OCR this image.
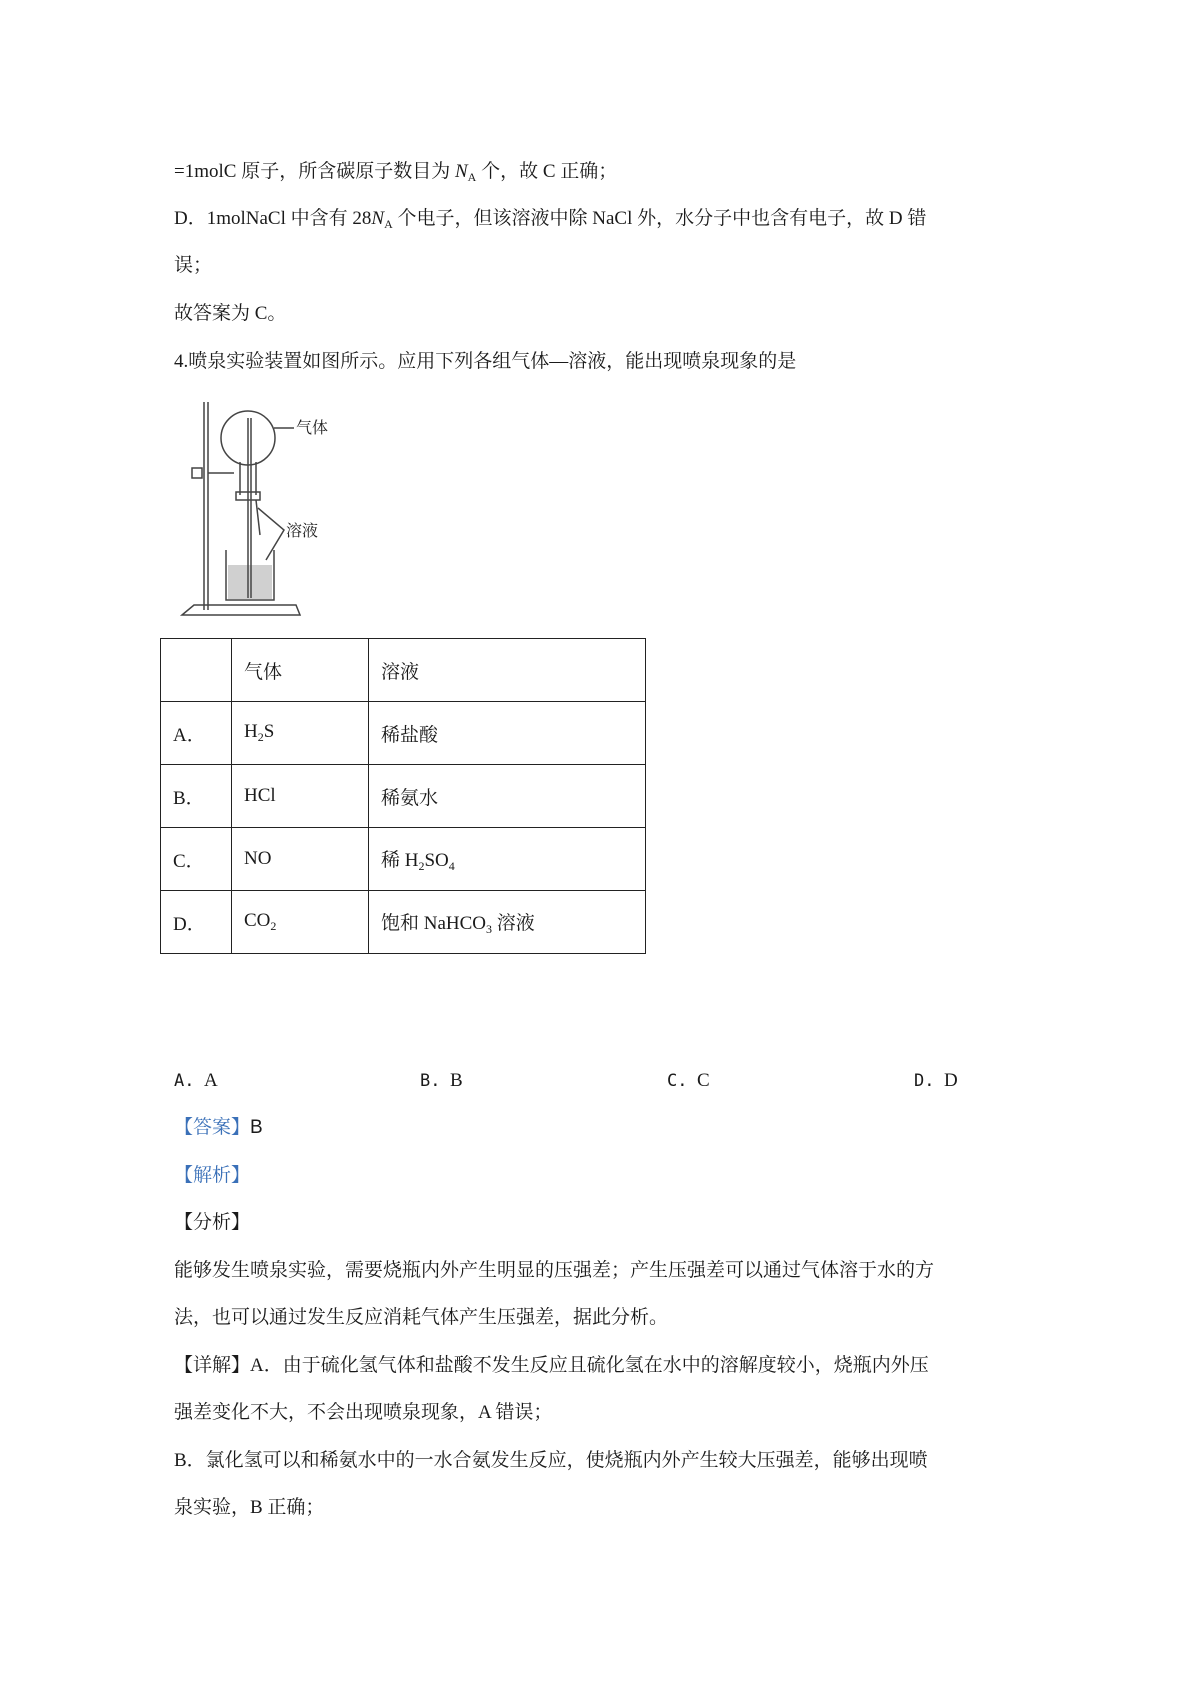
=1molC 原子，所含碳原子数目为 $N_A$ 个，故 C 正确；
D．1molNaCl 中含有 $28N_A$ 个电子，但该溶液中除 NaCl 外，水分子中也含有电子，故 D 错
误；
故答案为 C。
4.喷泉实验装置如图所示。应用下列各组气体—溶液，能出现喷泉现象的是
气体
溶液
	气体	溶液
A．	$H_2S$	稀盐酸
B．	HCl	稀氨水
C．	NO	稀 $H_2SO_4$
D．	$CO_2$	饱和 NaHCO$_3$ 溶液
A. A	B. B	C. C	D. D
【答案】B
【解析】
【分析】
能够发生喷泉实验，需要烧瓶内外产生明显的压强差；产生压强差可以通过气体溶于水的方
法，也可以通过发生反应消耗气体产生压强差，据此分析。
【详解】A．由于硫化氢气体和盐酸不发生反应且硫化氢在水中的溶解度较小，烧瓶内外压
强差变化不大，不会出现喷泉现象，A 错误；
B．氯化氢可以和稀氨水中的一水合氨发生反应，使烧瓶内外产生较大压强差，能够出现喷
泉实验，B 正确；
